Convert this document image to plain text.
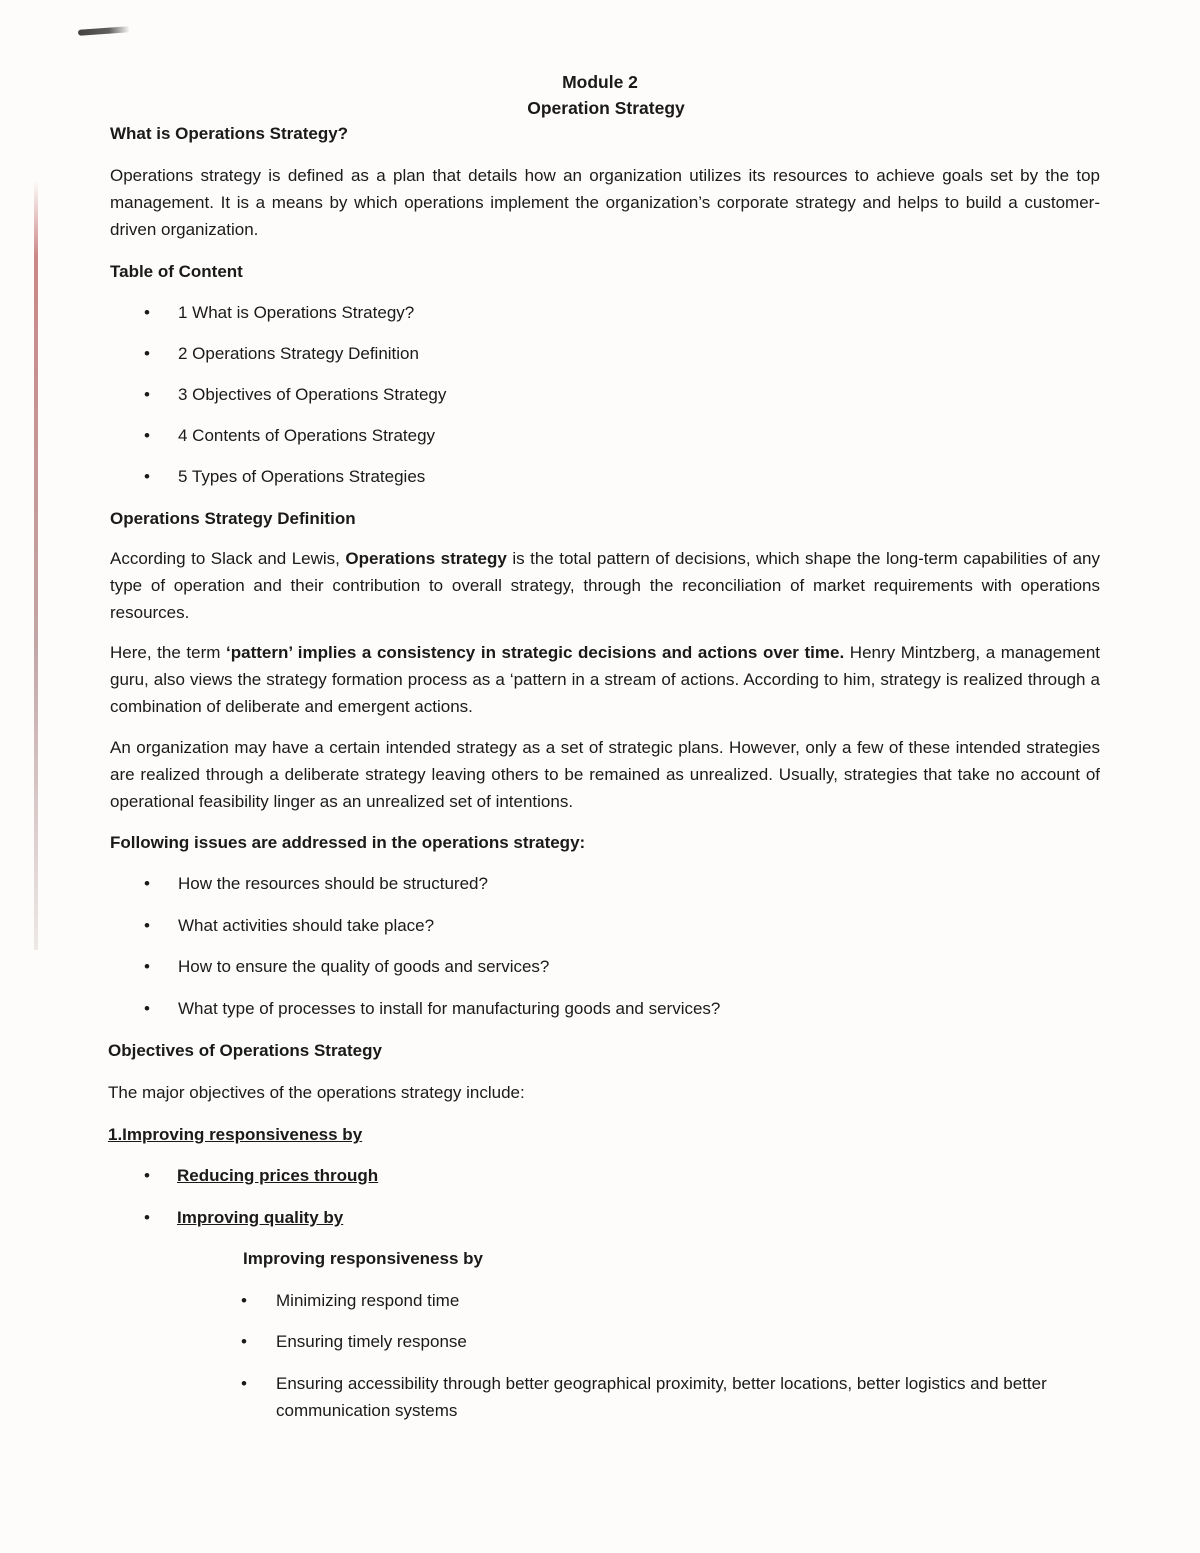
Module 2
Operation Strategy
What is Operations Strategy?
Operations strategy is defined as a plan that details how an organization utilizes its resources to achieve goals set by the top management. It is a means by which operations implement the organization’s corporate strategy and helps to build a customer-driven organization.
Table of Content
• 1 What is Operations Strategy?
• 2 Operations Strategy Definition
• 3 Objectives of Operations Strategy
• 4 Contents of Operations Strategy
• 5 Types of Operations Strategies
Operations Strategy Definition
According to Slack and Lewis, Operations strategy is the total pattern of decisions, which shape the long-term capabilities of any type of operation and their contribution to overall strategy, through the reconciliation of market requirements with operations resources.
Here, the term ‘pattern’ implies a consistency in strategic decisions and actions over time. Henry Mintzberg, a management guru, also views the strategy formation process as a ‘pattern in a stream of actions. According to him, strategy is realized through a combination of deliberate and emergent actions.
An organization may have a certain intended strategy as a set of strategic plans. However, only a few of these intended strategies are realized through a deliberate strategy leaving others to be remained as unrealized. Usually, strategies that take no account of operational feasibility linger as an unrealized set of intentions.
Following issues are addressed in the operations strategy:
• How the resources should be structured?
• What activities should take place?
• How to ensure the quality of goods and services?
• What type of processes to install for manufacturing goods and services?
Objectives of Operations Strategy
The major objectives of the operations strategy include:
1.Improving responsiveness by
• Reducing prices through
• Improving quality by
Improving responsiveness by
• Minimizing respond time
• Ensuring timely response
• Ensuring accessibility through better geographical proximity, better locations, better logistics and better communication systems
